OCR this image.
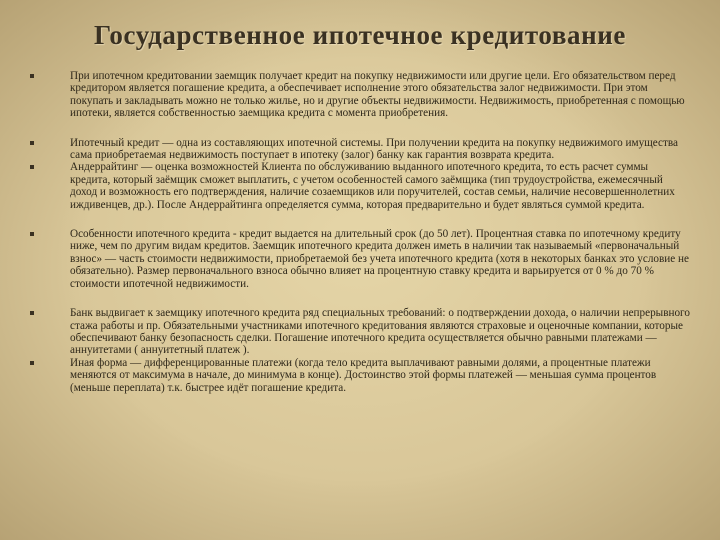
Государственное ипотечное кредитование
При ипотечном кредитовании заемщик получает кредит на покупку недвижимости или другие цели. Его обязательством перед кредитором является погашение кредита, а обеспечивает исполнение этого обязательства залог недвижимости. При этом покупать и закладывать можно не только жилье, но и другие объекты недвижимости. Недвижимость, приобретенная с помощью ипотеки, является собственностью заемщика кредита с момента приобретения.
Ипотечный кредит — одна из составляющих ипотечной системы. При получении кредита на покупку недвижимого имущества сама приобретаемая недвижимость поступает в ипотеку (залог) банку как гарантия возврата кредита.
Андеррайтинг — оценка возможностей Клиента по обслуживанию выданного ипотечного кредита, то есть расчет суммы кредита, который заёмщик сможет выплатить, с учетом особенностей самого заёмщика (тип трудоустройства, ежемесячный доход и возможность его подтверждения, наличие созаемщиков или поручителей, состав семьи, наличие несовершеннолетних иждивенцев, др.). После Андеррайтинга определяется сумма, которая предварительно и будет являться суммой кредита.
Особенности ипотечного кредита - кредит выдается на длительный срок (до 50 лет). Процентная ставка по ипотечному кредиту ниже, чем по другим видам кредитов. Заемщик ипотечного кредита должен иметь в наличии так называемый «первоначальный взнос» — часть стоимости недвижимости, приобретаемой без учета ипотечного кредита (хотя в некоторых банках это условие не обязательно). Размер первоначального взноса обычно влияет на процентную ставку кредита и варьируется от 0 % до 70 % стоимости ипотечной недвижимости.
Банк выдвигает к заемщику ипотечного кредита ряд специальных требований: о подтверждении дохода, о наличии непрерывного стажа работы и пр. Обязательными участниками ипотечного кредитования являются страховые и оценочные компании, которые обеспечивают банку безопасность сделки. Погашение ипотечного кредита осуществляется обычно равными платежами — аннуитетами ( аннуитетный платеж ).
Иная форма — дифференцированные платежи (когда тело кредита выплачивают равными долями, а процентные платежи меняются от максимума в начале, до минимума в конце). Достоинство этой формы платежей — меньшая сумма процентов (меньше переплата) т.к. быстрее идёт погашение кредита.
